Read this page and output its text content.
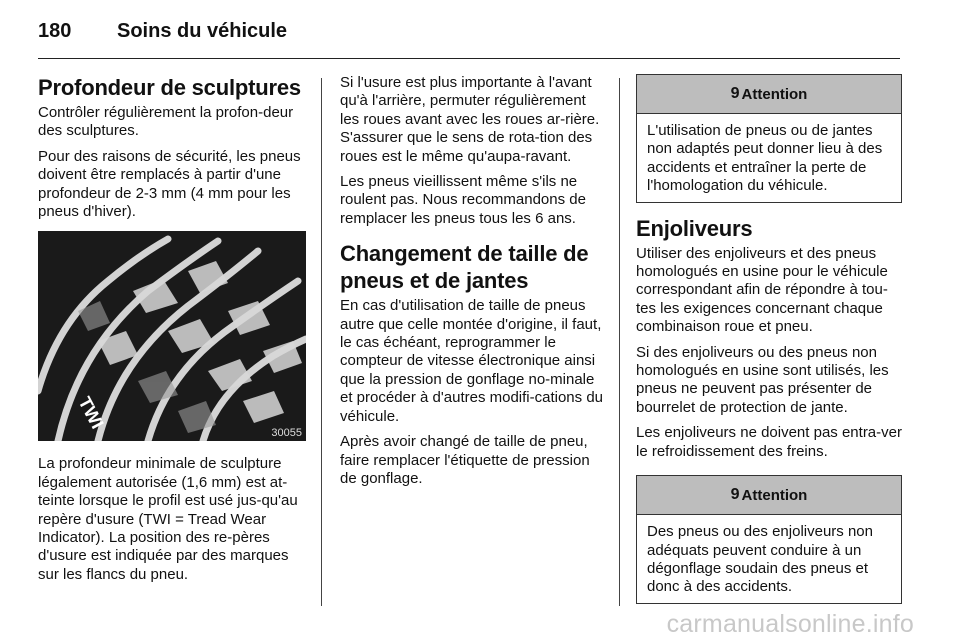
180 Soins du véhicule
Profondeur de sculptures

Contrôler régulièrement la profon-deur des sculptures.

Pour des raisons de sécurité, les pneus doivent être remplacés à partir d'une profondeur de 2-3 mm (4 mm pour les pneus d'hiver).

TWI
30055

La profondeur minimale de sculpture légalement autorisée (1,6 mm) est at-teinte lorsque le profil est usé jus-qu'au repère d'usure (TWI = Tread Wear Indicator). La position des re-pères d'usure est indiquée par des marques sur les flancs du pneu.

Si l'usure est plus importante à l'avant qu'à l'arrière, permuter régulièrement les roues avant avec les roues ar-rière. S'assurer que le sens de rota-tion des roues est le même qu'aupa-ravant.

Les pneus vieillissent même s'ils ne roulent pas. Nous recommandons de remplacer les pneus tous les 6 ans.

Changement de taille de pneus et de jantes

En cas d'utilisation de taille de pneus autre que celle montée d'origine, il faut, le cas échéant, reprogrammer le compteur de vitesse électronique ainsi que la pression de gonflage no-minale et procéder à d'autres modifi-cations du véhicule.

Après avoir changé de taille de pneu, faire remplacer l'étiquette de pression de gonflage.

9 Attention
L'utilisation de pneus ou de jantes non adaptés peut donner lieu à des accidents et entraîner la perte de l'homologation du véhicule.
Enjoliveurs

Utiliser des enjoliveurs et des pneus homologués en usine pour le véhicule correspondant afin de répondre à tou-tes les exigences concernant chaque combinaison roue et pneu.

Si des enjoliveurs ou des pneus non homologués en usine sont utilisés, les pneus ne peuvent pas présenter de bourrelet de protection de jante.

Les enjoliveurs ne doivent pas entra-ver le refroidissement des freins.

9 Attention
Des pneus ou des enjoliveurs non adéquats peuvent conduire à un dégonflage soudain des pneus et donc à des accidents.
carmanualsonline.info
